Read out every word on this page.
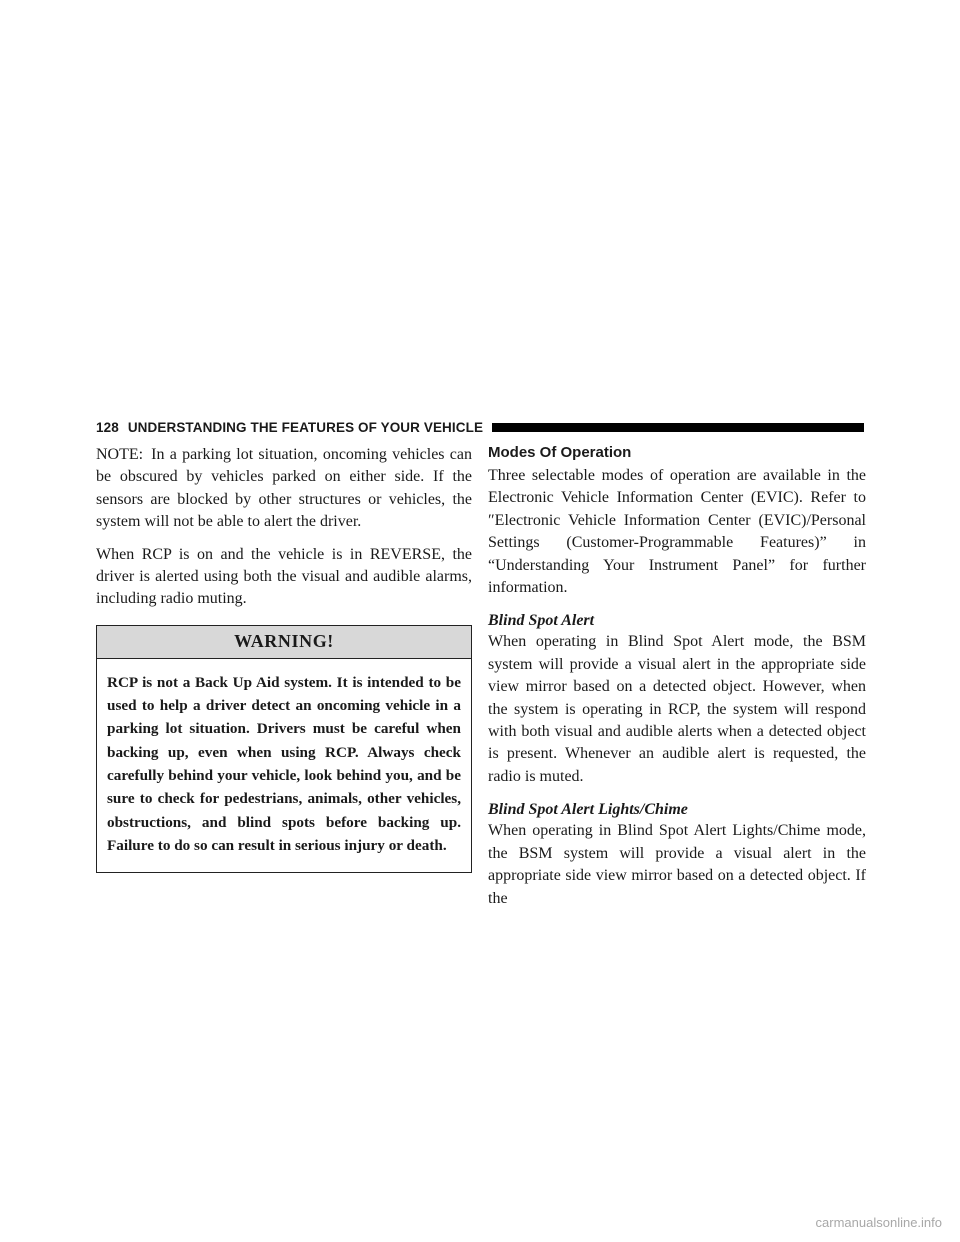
128 UNDERSTANDING THE FEATURES OF YOUR VEHICLE

NOTE: In a parking lot situation, oncoming vehicles can be obscured by vehicles parked on either side. If the sensors are blocked by other structures or vehicles, the system will not be able to alert the driver.

When RCP is on and the vehicle is in REVERSE, the driver is alerted using both the visual and audible alarms, including radio muting.

WARNING!
RCP is not a Back Up Aid system. It is intended to be used to help a driver detect an oncoming vehicle in a parking lot situation. Drivers must be careful when backing up, even when using RCP. Always check carefully behind your vehicle, look behind you, and be sure to check for pedestrians, animals, other vehicles, obstructions, and blind spots before backing up. Failure to do so can result in serious injury or death.
Modes Of Operation

Three selectable modes of operation are available in the Electronic Vehicle Information Center (EVIC). Refer to ″Electronic Vehicle Information Center (EVIC)/Personal Settings (Customer-Programmable Features)” in “Understanding Your Instrument Panel” for further information.

Blind Spot Alert

When operating in Blind Spot Alert mode, the BSM system will provide a visual alert in the appropriate side view mirror based on a detected object. However, when the system is operating in RCP, the system will respond with both visual and audible alerts when a detected object is present. Whenever an audible alert is requested, the radio is muted.

Blind Spot Alert Lights/Chime

When operating in Blind Spot Alert Lights/Chime mode, the BSM system will provide a visual alert in the appropriate side view mirror based on a detected object. If the

carmanualsonline.info
